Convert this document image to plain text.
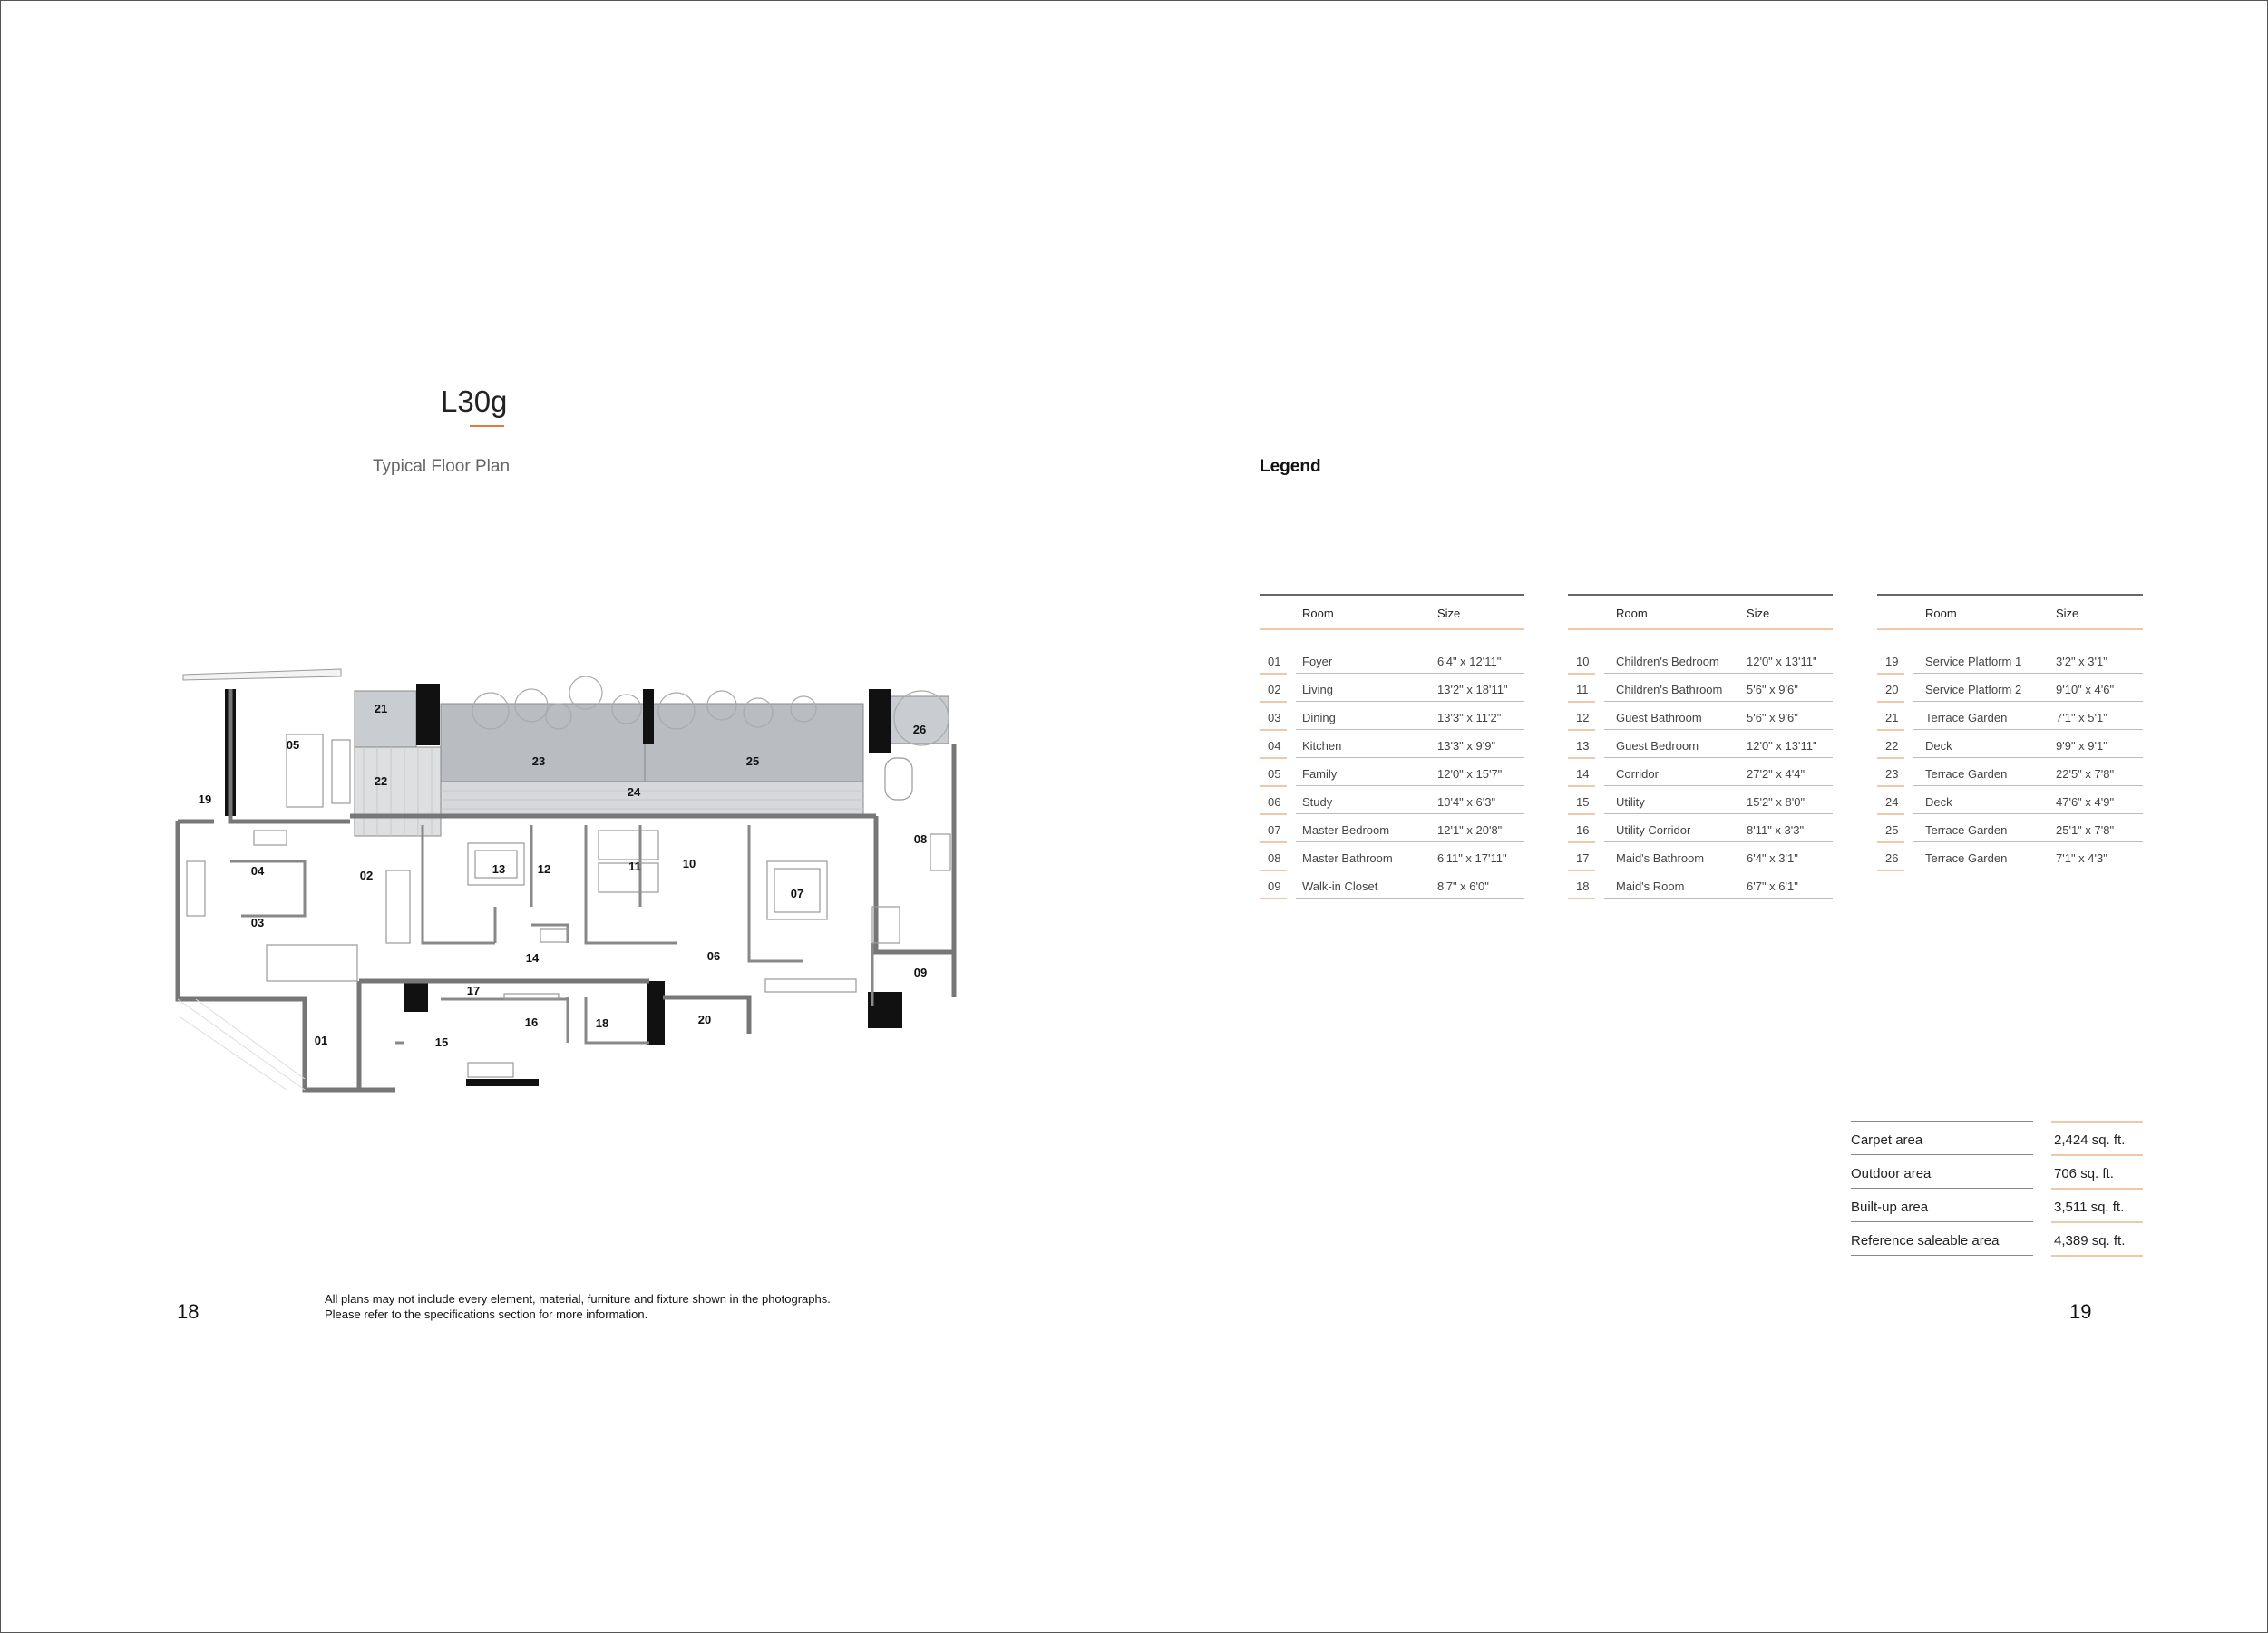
L30g
Typical Floor Plan	Legend
01
02
03
04
05
06
07
08
09
10
11
12
13
14
15
16
17
18
19
20
21
22
23
24
25
26
Room	Size
01 Foyer	6'4" x 12'11"
02 Living	13'2" x 18'11"
03 Dining	13'3" x 11'2"
04 Kitchen	13'3" x 9'9"
05 Family	12'0" x 15'7"
06 Study	10'4" x 6'3"
07 Master Bedroom	12'1" x 20'8"
08 Master Bathroom	6'11" x 17'11"
09 Walk-in Closet	8'7" x 6'0"
Room	Size
10 Children's Bedroom 12'0" x 13'11"
11 Children's Bathroom 5'6" x 9'6"
12 Guest Bathroom	5'6" x 9'6"
13 Guest Bedroom	12'0" x 13'11"
14 Corridor	27'2" x 4'4"
15 Utility	15'2" x 8'0"
16 Utility Corridor	8'11" x 3'3"
17 Maid's Bathroom	6'4" x 3'1"
18 Maid's Room	6'7" x 6'1"
Room	Size
19 Service Platform 1	3'2" x 3'1"
20 Service Platform 2	9'10" x 4'6"
21 Terrace Garden	7'1" x 5'1"
22 Deck	9'9" x 9'1"
23 Terrace Garden	22'5" x 7'8"
24 Deck	47'6" x 4'9"
25 Terrace Garden	25'1" x 7'8"
26 Terrace Garden	7'1" x 4'3"
Carpet area	2,424 sq. ft.
Outdoor area	706 sq. ft.
Built-up area	3,511 sq. ft.
Reference saleable area	4,389 sq. ft.
18	19
All plans may not include every element, material, furniture and fixture shown in the photographs.
Please refer to the specifications section for more information.
